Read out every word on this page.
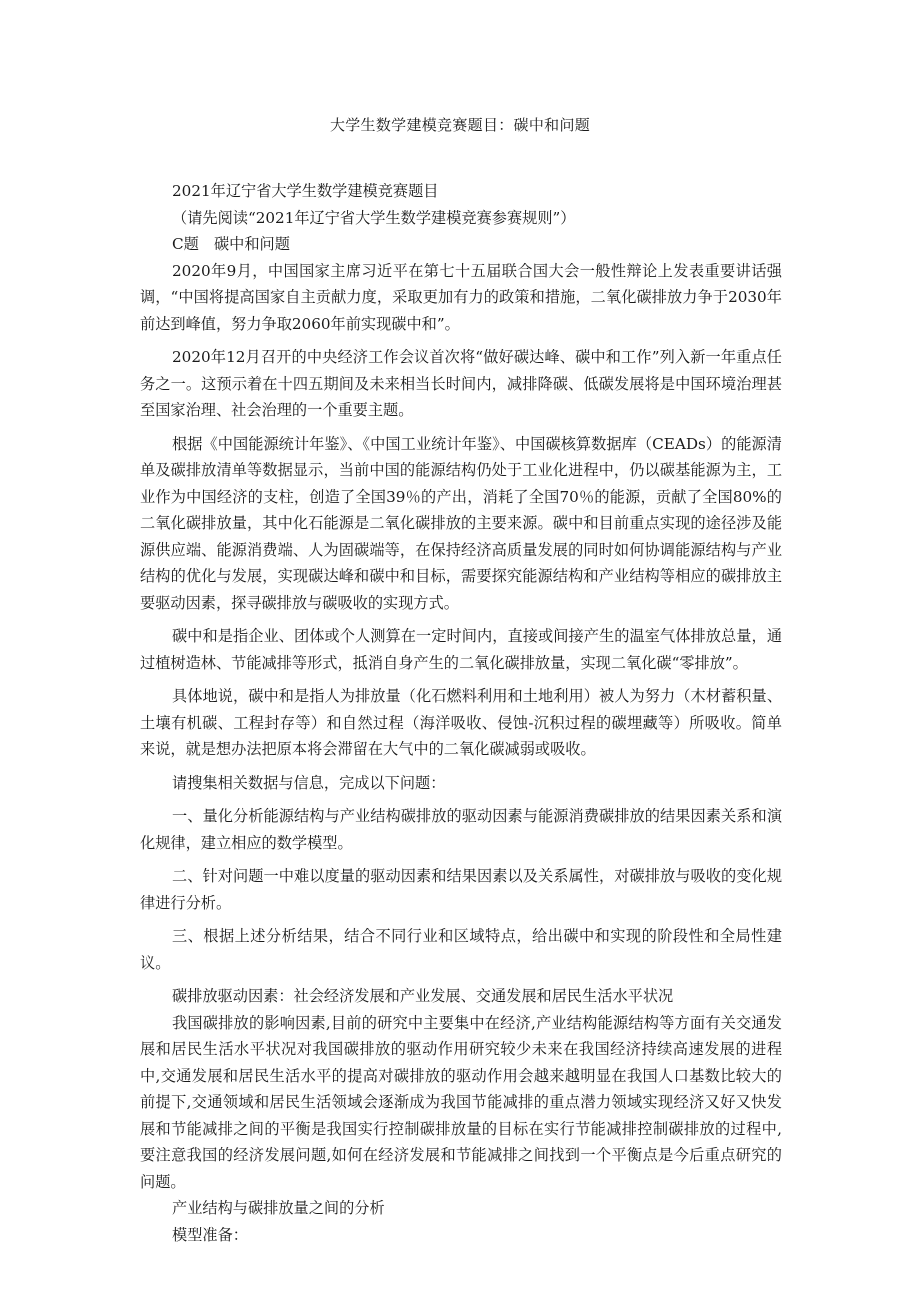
大学生数学建模竞赛题目：碳中和问题

2021年辽宁省大学生数学建模竞赛题目

（请先阅读“2021年辽宁省大学生数学建模竞赛参赛规则”）

C题　碳中和问题

2020年9月，中国国家主席习近平在第七十五届联合国大会一般性辩论上发表重要讲话强调，“中国将提高国家自主贡献力度，采取更加有力的政策和措施，二氧化碳排放力争于2030年前达到峰值，努力争取2060年前实现碳中和”。

2020年12月召开的中央经济工作会议首次将“做好碳达峰、碳中和工作”列入新一年重点任务之一。这预示着在十四五期间及未来相当长时间内，减排降碳、低碳发展将是中国环境治理甚至国家治理、社会治理的一个重要主题。

根据《中国能源统计年鉴》、《中国工业统计年鉴》、中国碳核算数据库（CEADs）的能源清单及碳排放清单等数据显示，当前中国的能源结构仍处于工业化进程中，仍以碳基能源为主，工业作为中国经济的支柱，创造了全国39％的产出，消耗了全国70％的能源，贡献了全国80%的二氧化碳排放量，其中化石能源是二氧化碳排放的主要来源。碳中和目前重点实现的途径涉及能源供应端、能源消费端、人为固碳端等，在保持经济高质量发展的同时如何协调能源结构与产业结构的优化与发展，实现碳达峰和碳中和目标，需要探究能源结构和产业结构等相应的碳排放主要驱动因素，探寻碳排放与碳吸收的实现方式。

碳中和是指企业、团体或个人测算在一定时间内，直接或间接产生的温室气体排放总量，通过植树造林、节能减排等形式，抵消自身产生的二氧化碳排放量，实现二氧化碳“零排放”。

具体地说，碳中和是指人为排放量（化石燃料利用和土地利用）被人为努力（木材蓄积量、土壤有机碳、工程封存等）和自然过程（海洋吸收、侵蚀-沉积过程的碳埋藏等）所吸收。简单来说，就是想办法把原本将会滞留在大气中的二氧化碳减弱或吸收。

请搜集相关数据与信息，完成以下问题：

一、量化分析能源结构与产业结构碳排放的驱动因素与能源消费碳排放的结果因素关系和演化规律，建立相应的数学模型。

二、针对问题一中难以度量的驱动因素和结果因素以及关系属性，对碳排放与吸收的变化规律进行分析。

三、根据上述分析结果，结合不同行业和区域特点，给出碳中和实现的阶段性和全局性建议。

碳排放驱动因素：社会经济发展和产业发展、交通发展和居民生活水平状况

我国碳排放的影响因素,目前的研究中主要集中在经济,产业结构能源结构等方面有关交通发展和居民生活水平状况对我国碳排放的驱动作用研究较少未来在我国经济持续高速发展的进程中,交通发展和居民生活水平的提高对碳排放的驱动作用会越来越明显在我国人口基数比较大的前提下,交通领域和居民生活领域会逐渐成为我国节能减排的重点潜力领域实现经济又好又快发展和节能减排之间的平衡是我国实行控制碳排放量的目标在实行节能减排控制碳排放的过程中,要注意我国的经济发展问题,如何在经济发展和节能减排之间找到一个平衡点是今后重点研究的问题。

产业结构与碳排放量之间的分析

模型准备：
